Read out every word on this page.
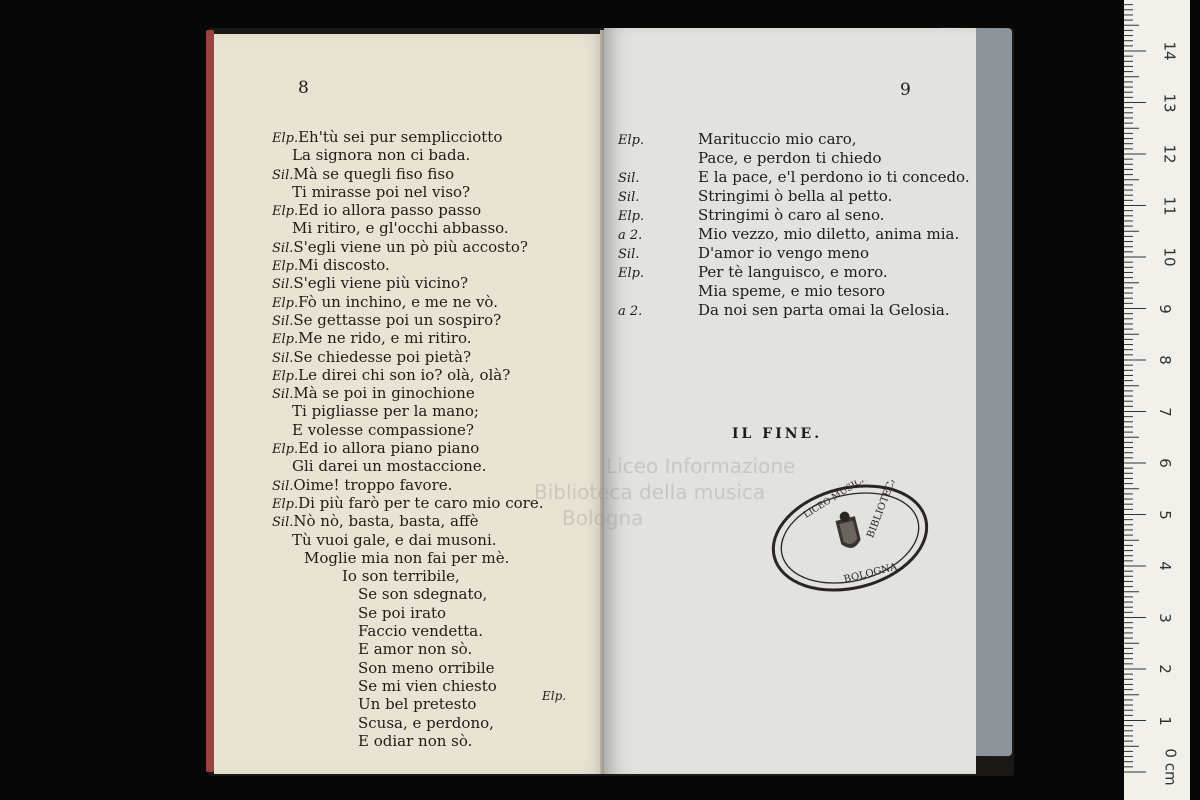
8
Elp.Eh'tù sei pur semplicciotto
La signora non ci bada.
Sil.Mà se quegli fiso fiso
Ti mirasse poi nel viso?
Elp.Ed io allora passo passo
Mi ritiro, e gl'occhi abbasso.
Sil.S'egli viene un pò più accosto?
Elp.Mi discosto.
Sil.S'egli viene più vicino?
Elp.Fò un inchino, e me ne vò.
Sil.Se gettasse poi un sospiro?
Elp.Me ne rido, e mi ritiro.
Sil.Se chiedesse poi pietà?
Elp.Le direi chi son io? olà, olà?
Sil.Mà se poi in ginochione
Ti pigliasse per la mano;
E volesse compassione?
Elp.Ed io allora piano piano
Gli darei un mostaccione.
Sil.Oime! troppo favore.
Elp.Di più farò per te caro mio core.
Sil.Nò nò, basta, basta, affè
Tù vuoi gale, e dai musoni.
Moglie mia non fai per mè.
Io son terribile,
Se son sdegnato,
Se poi irato
Faccio vendetta.
E amor non sò.
Son meno orribile
Se mi vien chiesto
Un bel pretesto
Scusa, e perdono,
E odiar non sò.
Elp.
9
Elp.	Marituccio mio caro,
Pace, e perdon ti chiedo
Sil.	E la pace, e'l perdono io ti concedo.
Sil.	Stringimi ò bella al petto.
Elp.	Stringimi ò caro al seno.
a 2.	Mio vezzo, mio diletto, anima mia.
Sil.	D'amor io vengo meno
Elp.	Per tè languisco, e moro.
Mia speme, e mio tesoro
a 2.	Da noi sen parta omai la Gelosia.
Liceo Informazione
Biblioteca della musica
Bologna
IL FINE.
BIBLIOTECA
BOLOGNA
0 cm
1
2
3
4
5
6
7
8
9
10
11
12
13
14
